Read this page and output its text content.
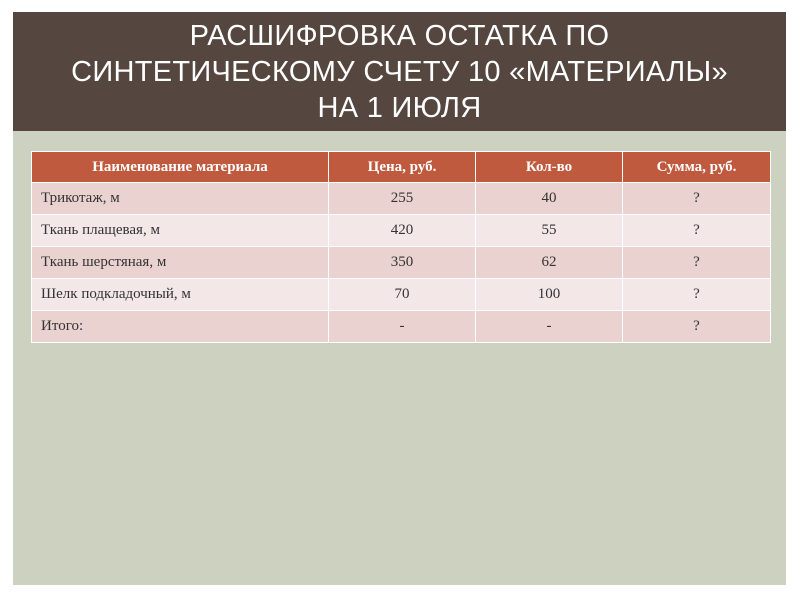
РАСШИФРОВКА ОСТАТКА ПО СИНТЕТИЧЕСКОМУ СЧЕТУ 10 «МАТЕРИАЛЫ» НА 1 ИЮЛЯ
Наименование материала	Цена, руб.	Кол-во	Сумма, руб.
Трикотаж, м	255	40	?
Ткань плащевая, м	420	55	?
Ткань шерстяная, м	350	62	?
Шелк подкладочный, м	70	100	?
Итого:	-	-	?
